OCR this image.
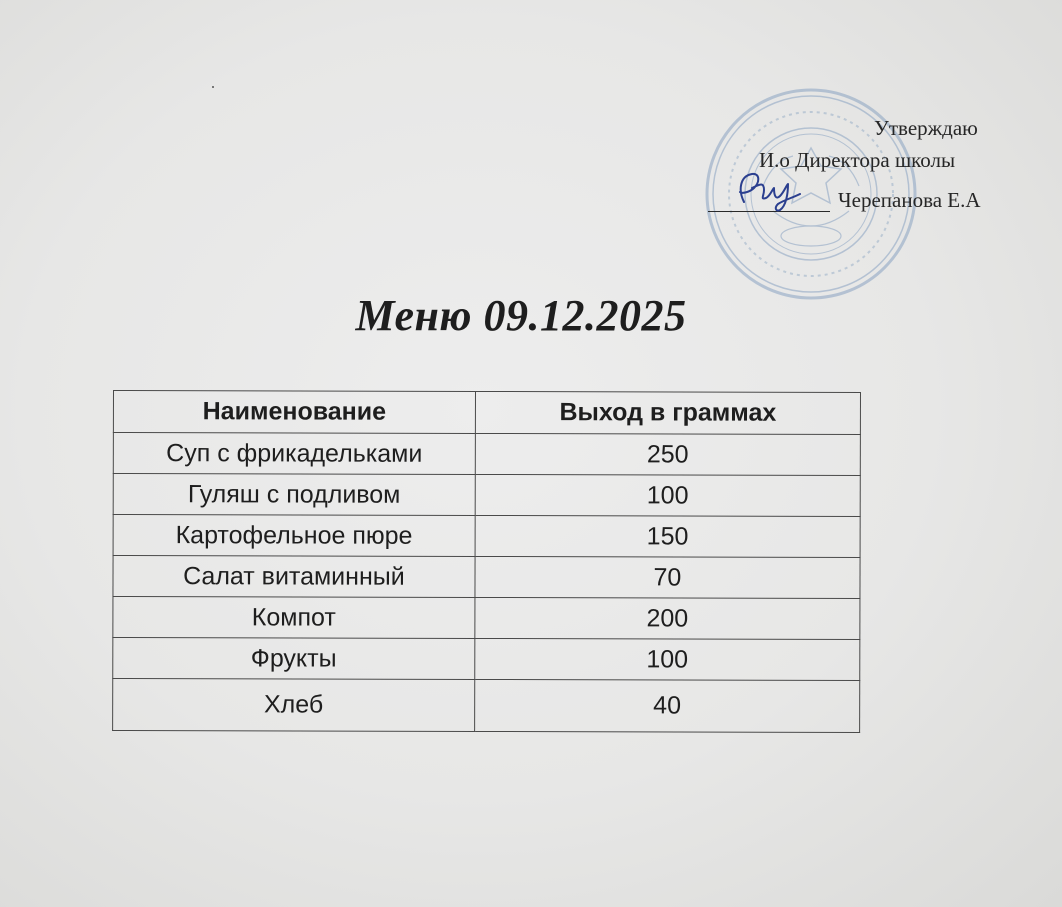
Утверждаю
И.о Директора школы
Черепанова Е.А
Меню 09.12.2025
Наименование	Выход в граммах
Суп с фрикадельками	250
Гуляш с подливом	100
Картофельное пюре	150
Салат витаминный	70
Компот	200
Фрукты	100
Хлеб	40
